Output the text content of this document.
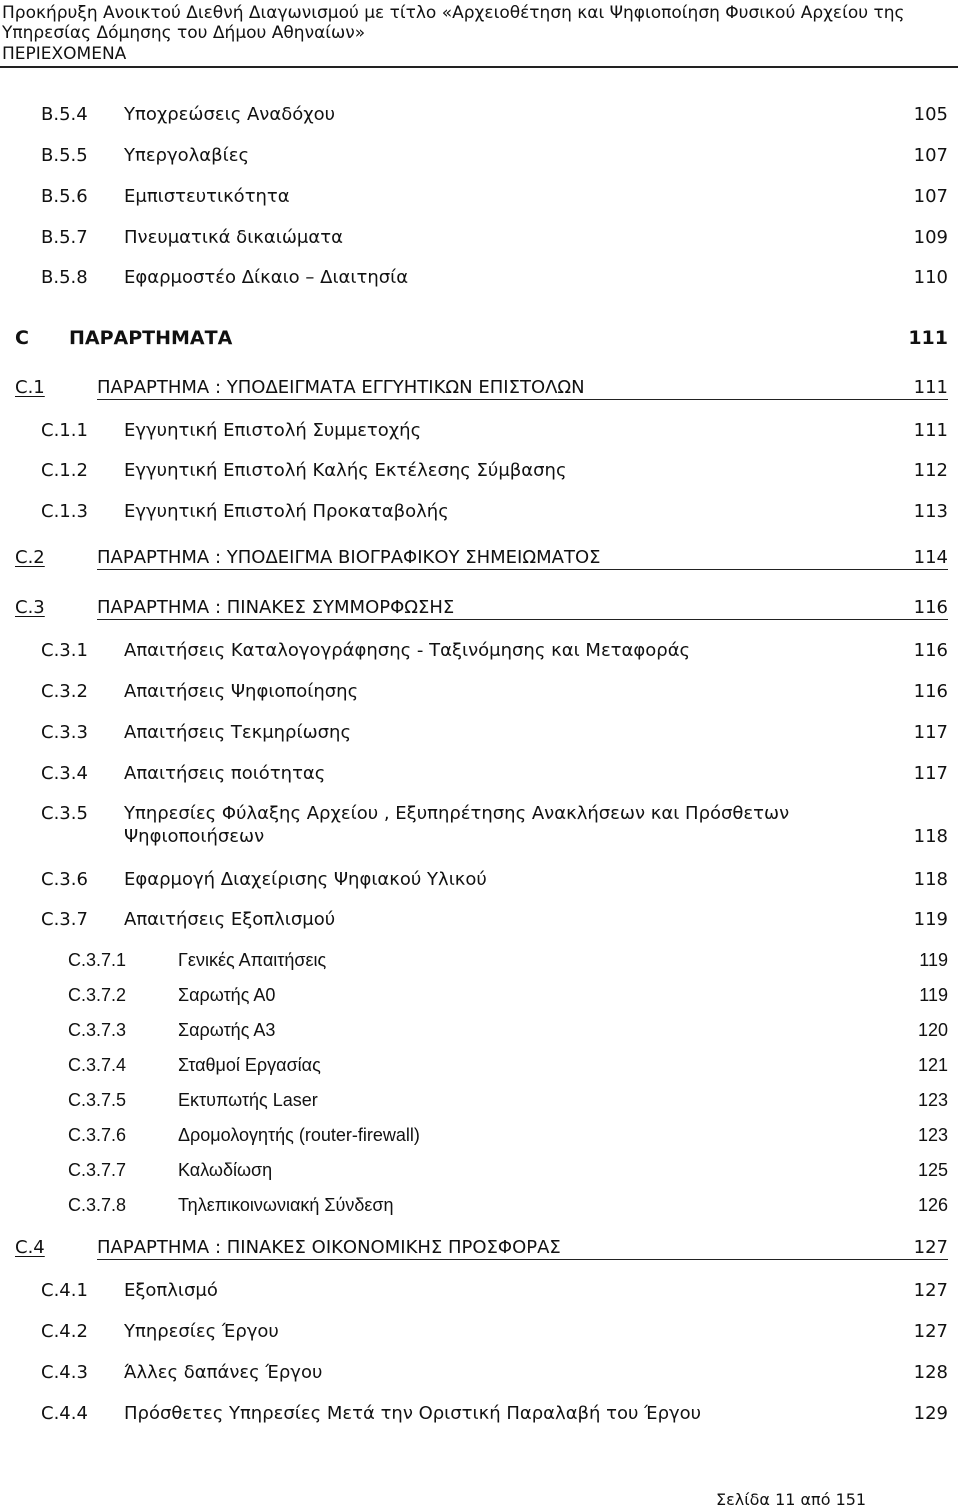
Προκήρυξη Ανοικτού Διεθνή Διαγωνισμού με τίτλο «Αρχειοθέτηση και Ψηφιοποίηση Φυσικού Αρχείου της
Υπηρεσίας Δόμησης του Δήμου Αθηναίων»
ΠΕΡΙΕΧΟΜΕΝΑ
B.5.4 Υποχρεώσεις Αναδόχου	105
B.5.5 Υπεργολαβίες	107
B.5.6 Εμπιστευτικότητα	107
B.5.7 Πνευματικά δικαιώματα	109
B.5.8 Εφαρμοστέο Δίκαιο – Διαιτησία	110
C ΠΑΡΑΡΤΗΜΑΤΑ	111
C.1	ΠΑΡΑΡΤΗΜΑ : ΥΠΟΔΕΙΓΜΑΤΑ ΕΓΓΥΗΤΙΚΩΝ ΕΠΙΣΤΟΛΩΝ	111
C.1.1 Εγγυητική Επιστολή Συμμετοχής	111
C.1.2 Εγγυητική Επιστολή Καλής Εκτέλεσης Σύμβασης	112
C.1.3 Εγγυητική Επιστολή Προκαταβολής	113
C.2	ΠΑΡΑΡΤΗΜΑ : ΥΠΟΔΕΙΓΜΑ ΒΙΟΓΡΑΦΙΚΟΥ ΣΗΜΕΙΩΜΑΤΟΣ	114
C.3	ΠΑΡΑΡΤΗΜΑ : ΠΙΝΑΚΕΣ ΣΥΜΜΟΡΦΩΣΗΣ	116
C.3.1 Απαιτήσεις Καταλογογράφησης - Ταξινόμησης και Μεταφοράς	116
C.3.2 Απαιτήσεις Ψηφιοποίησης	116
C.3.3 Απαιτήσεις Τεκμηρίωσης	117
C.3.4 Απαιτήσεις ποιότητας	117
C.3.5 Υπηρεσίες Φύλαξης Αρχείου , Εξυπηρέτησης Ανακλήσεων και Πρόσθετων
Ψηφιοποιήσεων	118
C.3.6 Εφαρμογή Διαχείρισης Ψηφιακού Υλικού	118
C.3.7 Απαιτήσεις Εξοπλισμού	119
C.3.7.1	Γενικές Απαιτήσεις	119
C.3.7.2	Σαρωτής Α0	119
C.3.7.3	Σαρωτής Α3	120
C.3.7.4	Σταθμοί Εργασίας	121
C.3.7.5	Εκτυπωτής Laser	123
C.3.7.6	Δρομολογητής (router-firewall)	123
C.3.7.7	Καλωδίωση	125
C.3.7.8	Τηλεπικοινωνιακή Σύνδεση	126
C.4	ΠΑΡΑΡΤΗΜΑ : ΠΙΝΑΚΕΣ ΟΙΚΟΝΟΜΙΚΗΣ ΠΡΟΣΦΟΡΑΣ	127
C.4.1 Εξοπλισμό	127
C.4.2 Υπηρεσίες Έργου	127
C.4.3 Άλλες δαπάνες Έργου	128
C.4.4 Πρόσθετες Υπηρεσίες Μετά την Οριστική Παραλαβή του Έργου	129
Σελίδα 11 από 151
